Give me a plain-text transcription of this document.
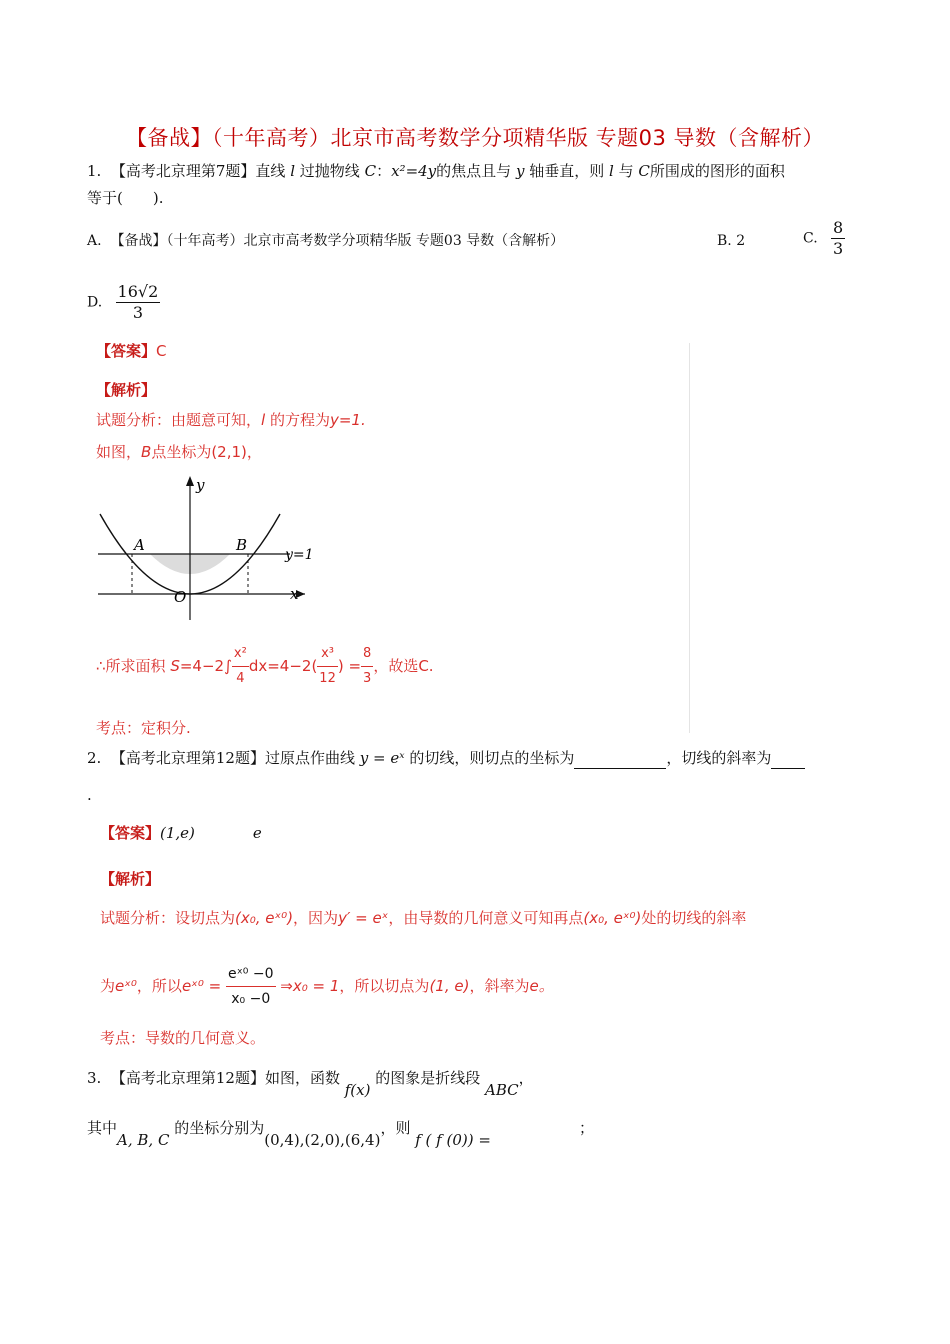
【备战】（十年高考）北京市高考数学分项精华版 专题03 导数（含解析）
1. 【高考北京理第7题】直线 l 过抛物线 C：x²=4y的焦点且与 y 轴垂直，则 l 与 C所围成的图形的面积
等于(　　).
A. 【备战】（十年高考）北京市高考数学分项精华版 专题03 导数（含解析）	B. 2	C. $\frac{8}{3}$
D. $\frac{16√2}{3}$
【答案】C
【解析】
试题分析：由题意可知，l 的方程为y=1.
如图，B点坐标为(2,1)，
y
x
O
A	B
y=1
∴所求面积 $S=4-2\int \frac{\text{x²}}{4} dx=4-2( \frac{\text{x³}}{12}$ ) = $\frac{8}{3}$ ，故选C.
考点：定积分.
2. 【高考北京理第12题】过原点作曲线 y = eˣ 的切线，则切点的坐标为	，切线的斜率为
.
【答案】(1,e)	e
【解析】
试题分析：设切点为(x₀, eˣ⁰)，因为y′ = eˣ，由导数的几何意义可知再点(x₀, eˣ⁰)处的切线的斜率
为eˣ⁰，所以eˣ⁰ = $\frac{\text{eˣ⁰ −0}}{\text{x₀ −0}}$ ⇒x₀ = 1，所以切点为(1, e)，斜率为e。
考点：导数的几何意义。
3. 【高考北京理第12题】如图，函数 f(x) 的图象是折线段 ABC，
其中A, B, C 的坐标分别为(0,4),(2,0),(6,4)，则 f ( f (0)) =；
